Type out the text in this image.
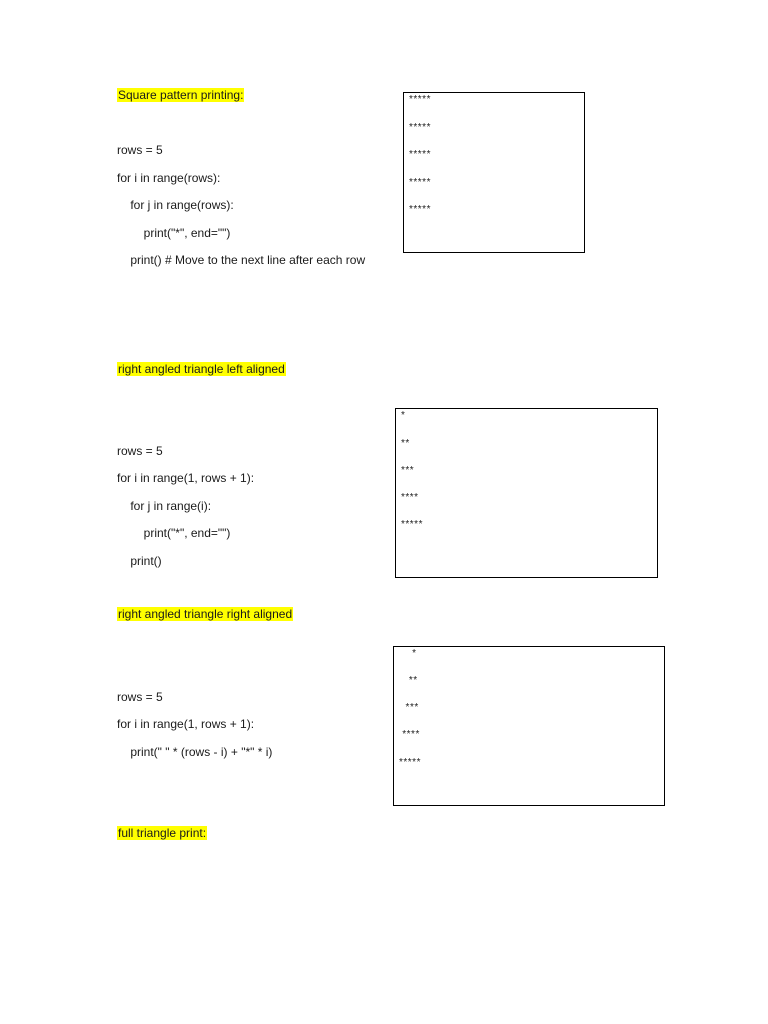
Square pattern printing:
rows = 5
for i in range(rows):
for j in range(rows):
print("*", end="")
print() # Move to the next line after each row
*****
*****
*****
*****
*****
right angled triangle left aligned
rows = 5
for i in range(1, rows + 1):
for j in range(i):
print("*", end="")
print()
*
**
***
****
*****
right angled triangle right aligned
rows = 5
for i in range(1, rows + 1):
print(" " * (rows - i) + "*" * i)
*
**
***
****
*****
full triangle print:
